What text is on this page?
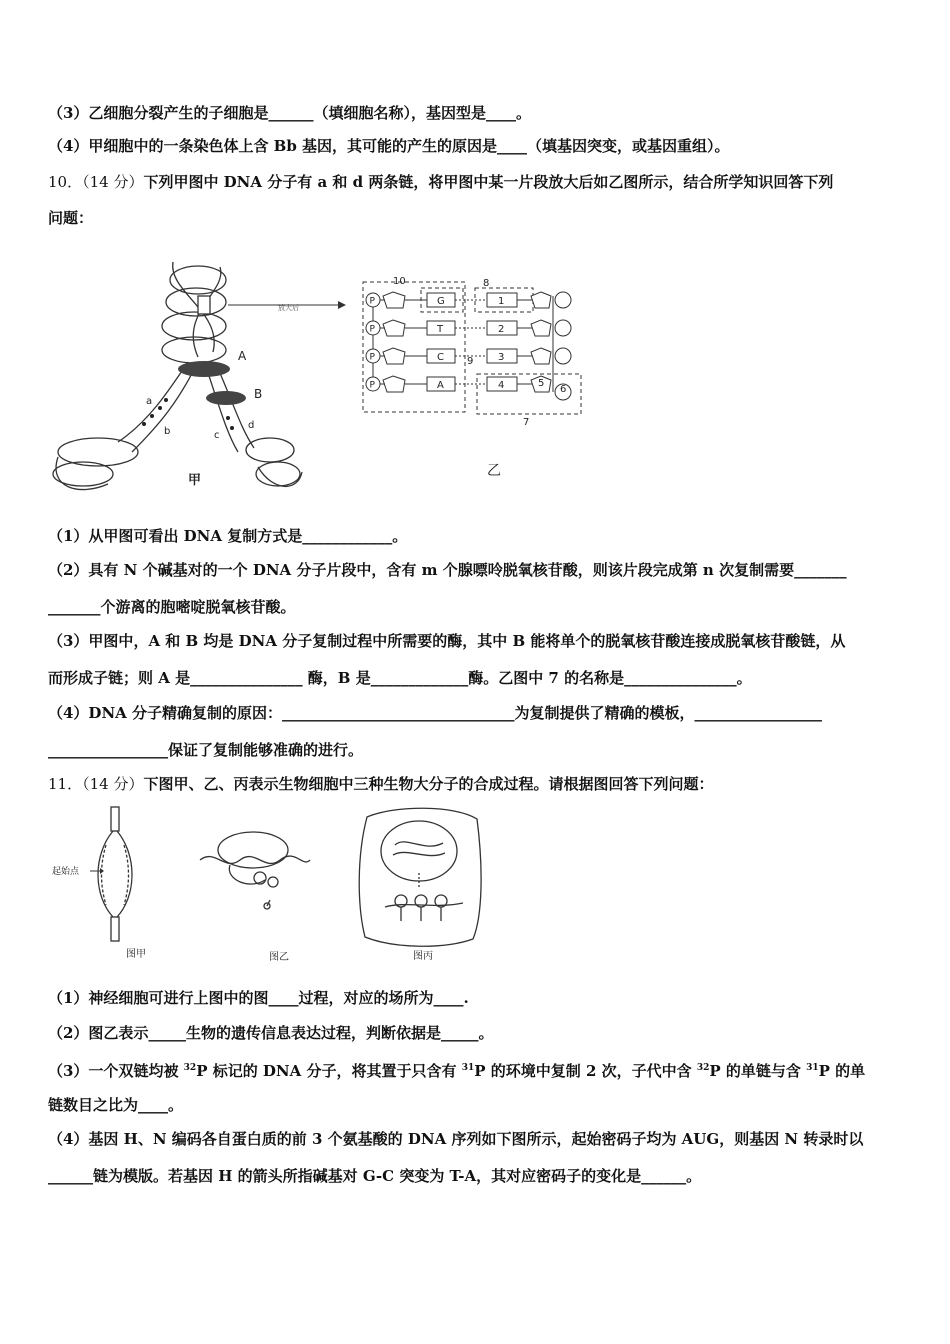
（3）乙细胞分裂产生的子细胞是______（填细胞名称），基因型是____。
（4）甲细胞中的一条染色体上含 Bb 基因，其可能的产生的原因是____（填基因突变，或基因重组）。
10．（14 分）下列甲图中 DNA 分子有 a 和 d 两条链，将甲图中某一片段放大后如乙图所示，结合所学知识回答下列
问题：
A
B
a
b	c
d
甲
放大后
P	G	1
P	T	2
P	C	3
P	A	4	5
6
10	8
9
7
乙
（1）从甲图可看出 DNA 复制方式是____________。
（2）具有 N 个碱基对的一个 DNA 分子片段中，含有 m 个腺嘌呤脱氧核苷酸，则该片段完成第 n 次复制需要_______
_______个游离的胞嘧啶脱氧核苷酸。
（3）甲图中，A 和 B 均是 DNA 分子复制过程中所需要的酶，其中 B 能将单个的脱氧核苷酸连接成脱氧核苷酸链，从
而形成子链；则 A 是_______________ 酶，B 是_____________酶。乙图中 7 的名称是_______________。
（4）DNA 分子精确复制的原因：_______________________________为复制提供了精确的模板，_________________
________________保证了复制能够准确的进行。
11．（14 分）下图甲、乙、丙表示生物细胞中三种生物大分子的合成过程。请根据图回答下列问题：
起始点
图甲	图乙	图丙
（1）神经细胞可进行上图中的图____过程，对应的场所为____.
（2）图乙表示_____生物的遗传信息表达过程，判断依据是_____。
（3）一个双链均被 $^{32}$P 标记的 DNA 分子，将其置于只含有 $^{31}$P 的环境中复制 2 次，子代中含 $^{32}$P 的单链与含 $^{31}$P 的单
链数目之比为____。
（4）基因 H、N 编码各自蛋白质的前 3 个氨基酸的 DNA 序列如下图所示，起始密码子均为 AUG，则基因 N 转录时以
______链为模版。若基因 H 的箭头所指碱基对 G-C 突变为 T-A，其对应密码子的变化是______。
